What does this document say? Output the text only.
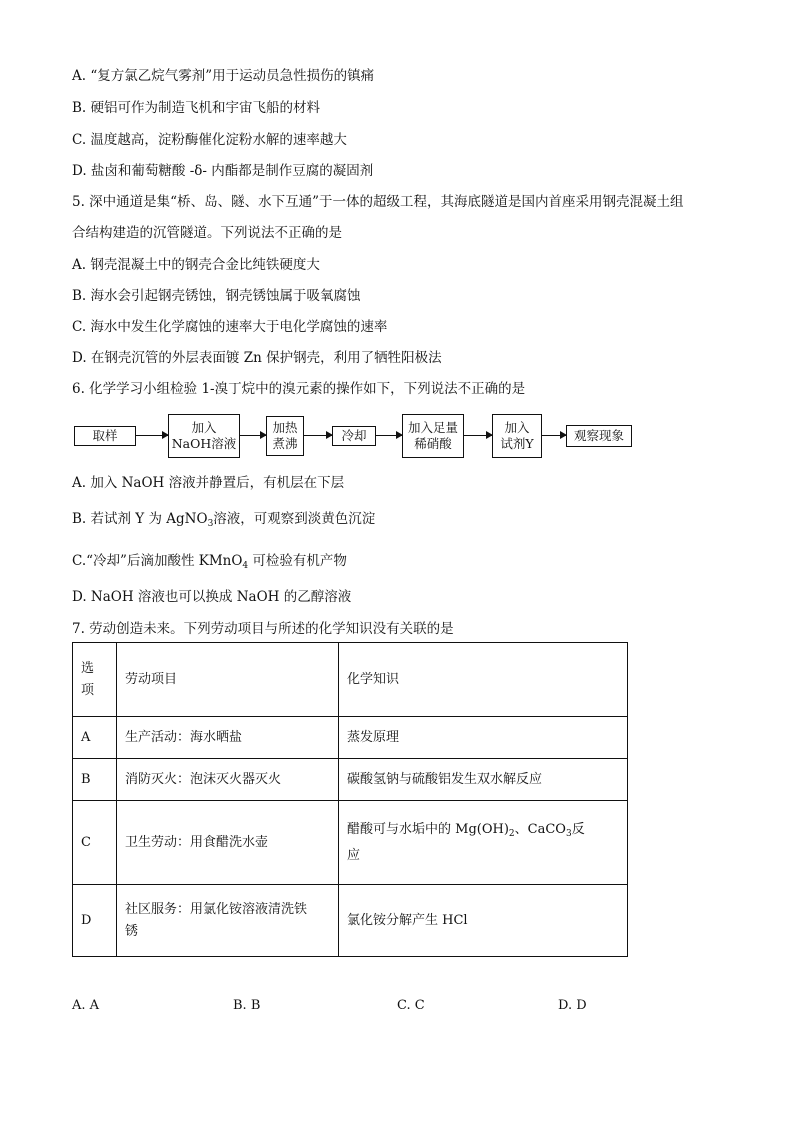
A. “复方氯乙烷气雾剂”用于运动员急性损伤的镇痛
B. 硬铝可作为制造飞机和宇宙飞船的材料
C. 温度越高，淀粉酶催化淀粉水解的速率越大
D. 盐卤和葡萄糖酸 -δ- 内酯都是制作豆腐的凝固剂
5. 深中通道是集“桥、岛、隧、水下互通”于一体的超级工程，其海底隧道是国内首座采用钢壳混凝土组
合结构建造的沉管隧道。下列说法不正确的是
A. 钢壳混凝土中的钢壳合金比纯铁硬度大
B. 海水会引起钢壳锈蚀，钢壳锈蚀属于吸氧腐蚀
C. 海水中发生化学腐蚀的速率大于电化学腐蚀的速率
D. 在钢壳沉管的外层表面镀 Zn 保护钢壳，利用了牺牲阳极法
6. 化学学习小组检验 1-溴丁烷中的溴元素的操作如下，下列说法不正确的是
取样
加入
NaOH溶液
加热
煮沸
冷却
加入足量
稀硝酸
加入
试剂Y
观察现象
A. 加入 NaOH 溶液并静置后，有机层在下层
B. 若试剂 Y 为 AgNO$_3$溶液，可观察到淡黄色沉淀
C.“冷却”后滴加酸性 KMnO$_4$ 可检验有机产物
D. NaOH 溶液也可以换成 NaOH 的乙醇溶液
7. 劳动创造未来。下列劳动项目与所述的化学知识没有关联的是
选
项	劳动项目	化学知识
A	生产活动：海水晒盐	蒸发原理
B	消防灭火：泡沫灭火器灭火	碳酸氢钠与硫酸铝发生双水解反应
C	卫生劳动：用食醋洗水壶	醋酸可与水垢中的 $Mg(OH)_2$、CaCO$_3$反
应

D	社区服务：用氯化铵溶液清洗铁
锈	氯化铵分解产生 HCl
A. A	B. B	C. C	D. D
